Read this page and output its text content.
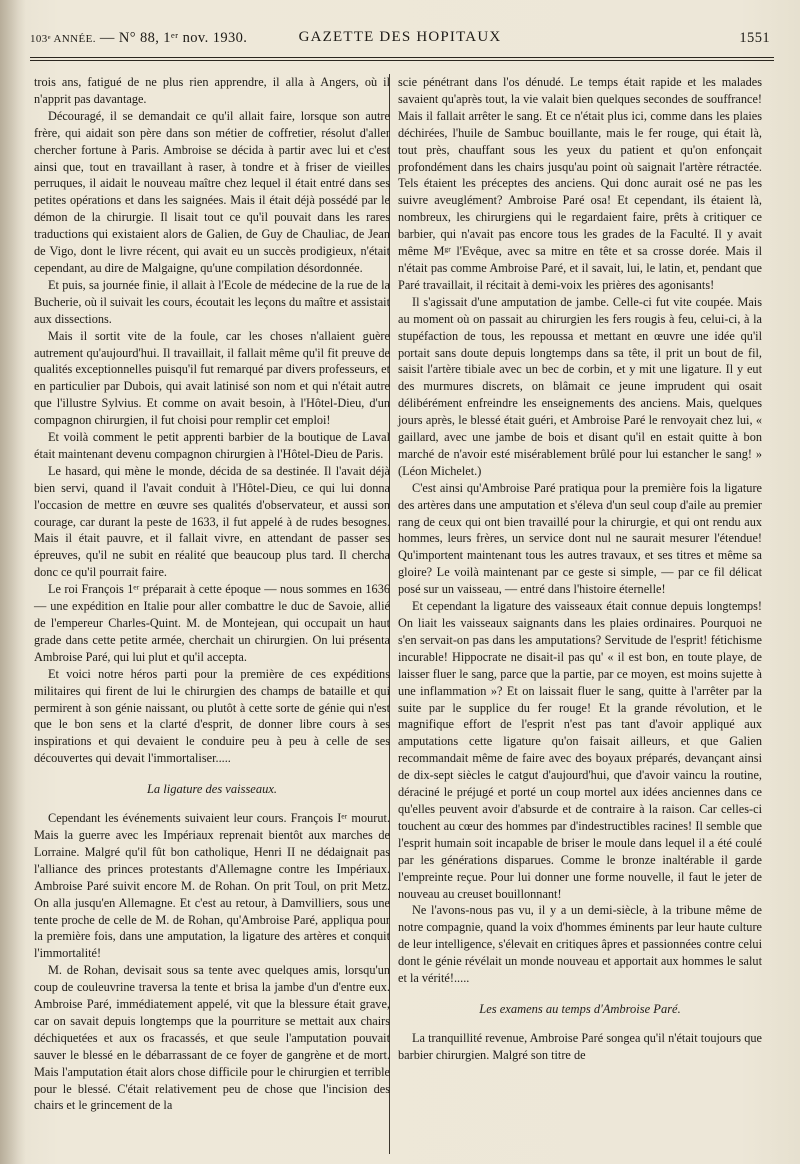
103ᵉ ANNÉE. — N° 88, 1ᵉʳ nov. 1930.	GAZETTE DES HOPITAUX	1551

trois ans, fatigué de ne plus rien apprendre, il alla à Angers, où il n'apprit pas davantage.

Découragé, il se demandait ce qu'il allait faire, lorsque son autre frère, qui aidait son père dans son métier de coffretier, résolut d'aller chercher fortune à Paris. Ambroise se décida à partir avec lui et c'est ainsi que, tout en travaillant à raser, à tondre et à friser de vieilles perruques, il aidait le nouveau maître chez lequel il était entré dans ses petites opérations et dans les saignées. Mais il était déjà possédé par le démon de la chirurgie. Il lisait tout ce qu'il pouvait dans les rares traductions qui existaient alors de Galien, de Guy de Chauliac, de Jean de Vigo, dont le livre récent, qui avait eu un succès prodigieux, n'était cependant, au dire de Malgaigne, qu'une compilation désordonnée.

Et puis, sa journée finie, il allait à l'Ecole de médecine de la rue de la Bucherie, où il suivait les cours, écoutait les leçons du maître et assistait aux dissections.

Mais il sortit vite de la foule, car les choses n'allaient guère autrement qu'aujourd'hui. Il travaillait, il fallait même qu'il fit preuve de qualités exceptionnelles puisqu'il fut remarqué par divers professeurs, et en particulier par Dubois, qui avait latinisé son nom et qui n'était autre que l'illustre Sylvius. Et comme on avait besoin, à l'Hôtel-Dieu, d'un compagnon chirurgien, il fut choisi pour remplir cet emploi!

Et voilà comment le petit apprenti barbier de la boutique de Laval était maintenant devenu compagnon chirurgien à l'Hôtel-Dieu de Paris.

Le hasard, qui mène le monde, décida de sa destinée. Il l'avait déjà bien servi, quand il l'avait conduit à l'Hôtel-Dieu, ce qui lui donna l'occasion de mettre en œuvre ses qualités d'observateur, et aussi son courage, car durant la peste de 1633, il fut appelé à de rudes besognes. Mais il était pauvre, et il fallait vivre, en attendant de passer ses épreuves, qu'il ne subit en réalité que beaucoup plus tard. Il chercha donc ce qu'il pourrait faire.

Le roi François 1ᵉʳ préparait à cette époque — nous sommes en 1636 — une expédition en Italie pour aller combattre le duc de Savoie, allié de l'empereur Charles-Quint. M. de Montejean, qui occupait un haut grade dans cette petite armée, cherchait un chirurgien. On lui présenta Ambroise Paré, qui lui plut et qu'il accepta.

Et voici notre héros parti pour la première de ces expéditions militaires qui firent de lui le chirurgien des champs de bataille et qui permirent à son génie naissant, ou plutôt à cette sorte de génie qui n'est que le bon sens et la clarté d'esprit, de donner libre cours à ses inspirations et qui devaient le conduire peu à peu à celle de ses découvertes qui devait l'immortaliser.....

La ligature des vaisseaux.

Cependant les événements suivaient leur cours. François Iᵉʳ mourut. Mais la guerre avec les Impériaux reprenait bientôt aux marches de Lorraine. Malgré qu'il fût bon catholique, Henri II ne dédaignait pas l'alliance des princes protestants d'Allemagne contre les Impériaux. Ambroise Paré suivit encore M. de Rohan. On prit Toul, on prit Metz. On alla jusqu'en Allemagne. Et c'est au retour, à Damvilliers, sous une tente proche de celle de M. de Rohan, qu'Ambroise Paré, appliqua pour la première fois, dans une amputation, la ligature des artères et conquit l'immortalité!

M. de Rohan, devisait sous sa tente avec quelques amis, lorsqu'un coup de couleuvrine traversa la tente et brisa la jambe d'un d'entre eux. Ambroise Paré, immédiatement appelé, vit que la blessure était grave, car on savait depuis longtemps que la pourriture se mettait aux chairs déchiquetées et aux os fracassés, et que seule l'amputation pouvait sauver le blessé en le débarrassant de ce foyer de gangrène et de mort. Mais l'amputation était alors chose difficile pour le chirurgien et terrible pour le blessé. C'était relativement peu de chose que l'incision des chairs et le grincement de la

scie pénétrant dans l'os dénudé. Le temps était rapide et les malades savaient qu'après tout, la vie valait bien quelques secondes de souffrance! Mais il fallait arrêter le sang. Et ce n'était plus ici, comme dans les plaies déchirées, l'huile de Sambuc bouillante, mais le fer rouge, qui était là, tout près, chauffant sous les yeux du patient et qu'on enfonçait profondément dans les chairs jusqu'au point où saignait l'artère rétractée. Tels étaient les préceptes des anciens. Qui donc aurait osé ne pas les suivre aveuglément? Ambroise Paré osa! Et cependant, ils étaient là, nombreux, les chirurgiens qui le regardaient faire, prêts à critiquer ce barbier, qui n'avait pas encore tous les grades de la Faculté. Il y avait même Mᵍʳ l'Evêque, avec sa mitre en tête et sa crosse dorée. Mais il n'était pas comme Ambroise Paré, et il savait, lui, le latin, et, pendant que Paré travaillait, il récitait à demi-voix les prières des agonisants!

Il s'agissait d'une amputation de jambe. Celle-ci fut vite coupée. Mais au moment où on passait au chirurgien les fers rougis à feu, celui-ci, à la stupéfaction de tous, les repoussa et mettant en œuvre une idée qu'il portait sans doute depuis longtemps dans sa tête, il prit un bout de fil, saisit l'artère tibiale avec un bec de corbin, et y mit une ligature. Il y eut des murmures discrets, on blâmait ce jeune imprudent qui osait délibérément enfreindre les enseignements des anciens. Mais, quelques jours après, le blessé était guéri, et Ambroise Paré le renvoyait chez lui, « gaillard, avec une jambe de bois et disant qu'il en estait quitte à bon marché de n'avoir esté misérablement brûlé pour lui estancher le sang! » (Léon Michelet.)

C'est ainsi qu'Ambroise Paré pratiqua pour la première fois la ligature des artères dans une amputation et s'éleva d'un seul coup d'aile au premier rang de ceux qui ont bien travaillé pour la chirurgie, et qui ont rendu aux hommes, leurs frères, un service dont nul ne saurait mesurer l'étendue! Qu'importent maintenant tous les autres travaux, et ses titres et même sa gloire? Le voilà maintenant par ce geste si simple, — par ce fil délicat posé sur un vaisseau, — entré dans l'histoire éternelle!

Et cependant la ligature des vaisseaux était connue depuis longtemps! On liait les vaisseaux saignants dans les plaies ordinaires. Pourquoi ne s'en servait-on pas dans les amputations? Servitude de l'esprit! fétichisme incurable! Hippocrate ne disait-il pas qu' « il est bon, en toute playe, de laisser fluer le sang, parce que la partie, par ce moyen, est moins sujette à une inflammation »? Et on laissait fluer le sang, quitte à l'arrêter par la suite par le supplice du fer rouge! Et la grande révolution, et le magnifique effort de l'esprit n'est pas tant d'avoir appliqué aux amputations cette ligature qu'on faisait ailleurs, et que Galien recommandait même de faire avec des boyaux préparés, devançant ainsi de dix-sept siècles le catgut d'aujourd'hui, que d'avoir vaincu la routine, déraciné le préjugé et porté un coup mortel aux idées anciennes dans ce qu'elles peuvent avoir d'absurde et de contraire à la raison. Car celles-ci touchent au cœur des hommes par d'indestructibles racines! Il semble que l'esprit humain soit incapable de briser le moule dans lequel il a été coulé par les générations disparues. Comme le bronze inaltérable il garde l'empreinte reçue. Pour lui donner une forme nouvelle, il faut le jeter de nouveau au creuset bouillonnant!

Ne l'avons-nous pas vu, il y a un demi-siècle, à la tribune même de notre compagnie, quand la voix d'hommes éminents par leur haute culture de leur intelligence, s'élevait en critiques âpres et passionnées contre celui dont le génie révélait un monde nouveau et apportait aux hommes le salut et la vérité!.....

Les examens au temps d'Ambroise Paré.

La tranquillité revenue, Ambroise Paré songea qu'il n'était toujours que barbier chirurgien. Malgré son titre de
